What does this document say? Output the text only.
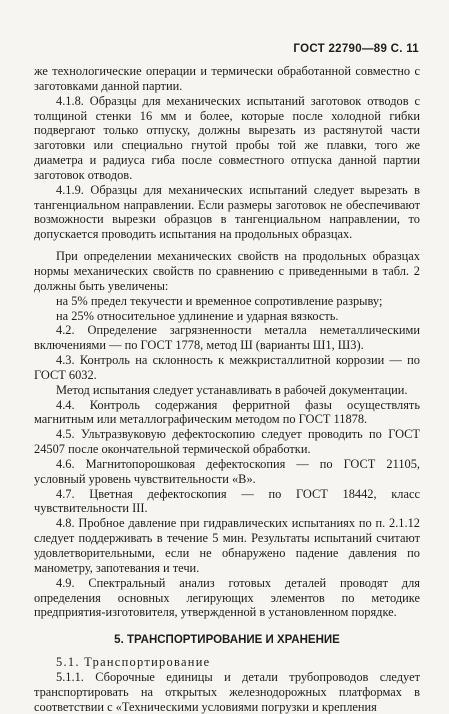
ГОСТ 22790—89 С. 11

же технологические операции и термически обработанной совместно с заготовками данной партии.

4.1.8. Образцы для механических испытаний заготовок отводов с толщиной стенки 16 мм и более, которые после холодной гибки подвергают только отпуску, должны вырезать из растянутой части заготовки или специально гнутой пробы той же плавки, того же диаметра и радиуса гиба после совместного отпуска данной партии заготовок отводов.

4.1.9. Образцы для механических испытаний следует вырезать в тангенциальном направлении. Если размеры заготовок не обеспечивают возможности вырезки образцов в тангенциальном направлении, то допускается проводить испытания на продольных образцах.

При определении механических свойств на продольных образцах нормы механических свойств по сравнению с приведенными в табл. 2 должны быть увеличены:

на 5% предел текучести и временное сопротивление разрыву;

на 25% относительное удлинение и ударная вязкость.

4.2. Определение загрязненности металла неметаллическими включениями — по ГОСТ 1778, метод Ш (варианты Ш1, Ш3).

4.3. Контроль на склонность к межкристаллитной коррозии — по ГОСТ 6032.

Метод испытания следует устанавливать в рабочей документации.

4.4. Контроль содержания ферритной фазы осуществлять магнитным или металлографическим методом по ГОСТ 11878.

4.5. Ультразвуковую дефектоскопию следует проводить по ГОСТ 24507 после окончательной термической обработки.

4.6. Магнитопорошковая дефектоскопия — по ГОСТ 21105, условный уровень чувствительности «В».

4.7. Цветная дефектоскопия — по ГОСТ 18442, класс чувствительности III.

4.8. Пробное давление при гидравлических испытаниях по п. 2.1.12 следует поддерживать в течение 5 мин. Результаты испытаний считают удовлетворительными, если не обнаружено падение давления по манометру, запотевания и течи.

4.9. Спектральный анализ готовых деталей проводят для определения основных легирующих элементов по методике предприятия-изготовителя, утвержденной в установленном порядке.

5. ТРАНСПОРТИРОВАНИЕ И ХРАНЕНИЕ

5.1. Транспортирование

5.1.1. Сборочные единицы и детали трубопроводов следует транспортировать на открытых железнодорожных платформах в соответствии с «Техническими условиями погрузки и крепления
